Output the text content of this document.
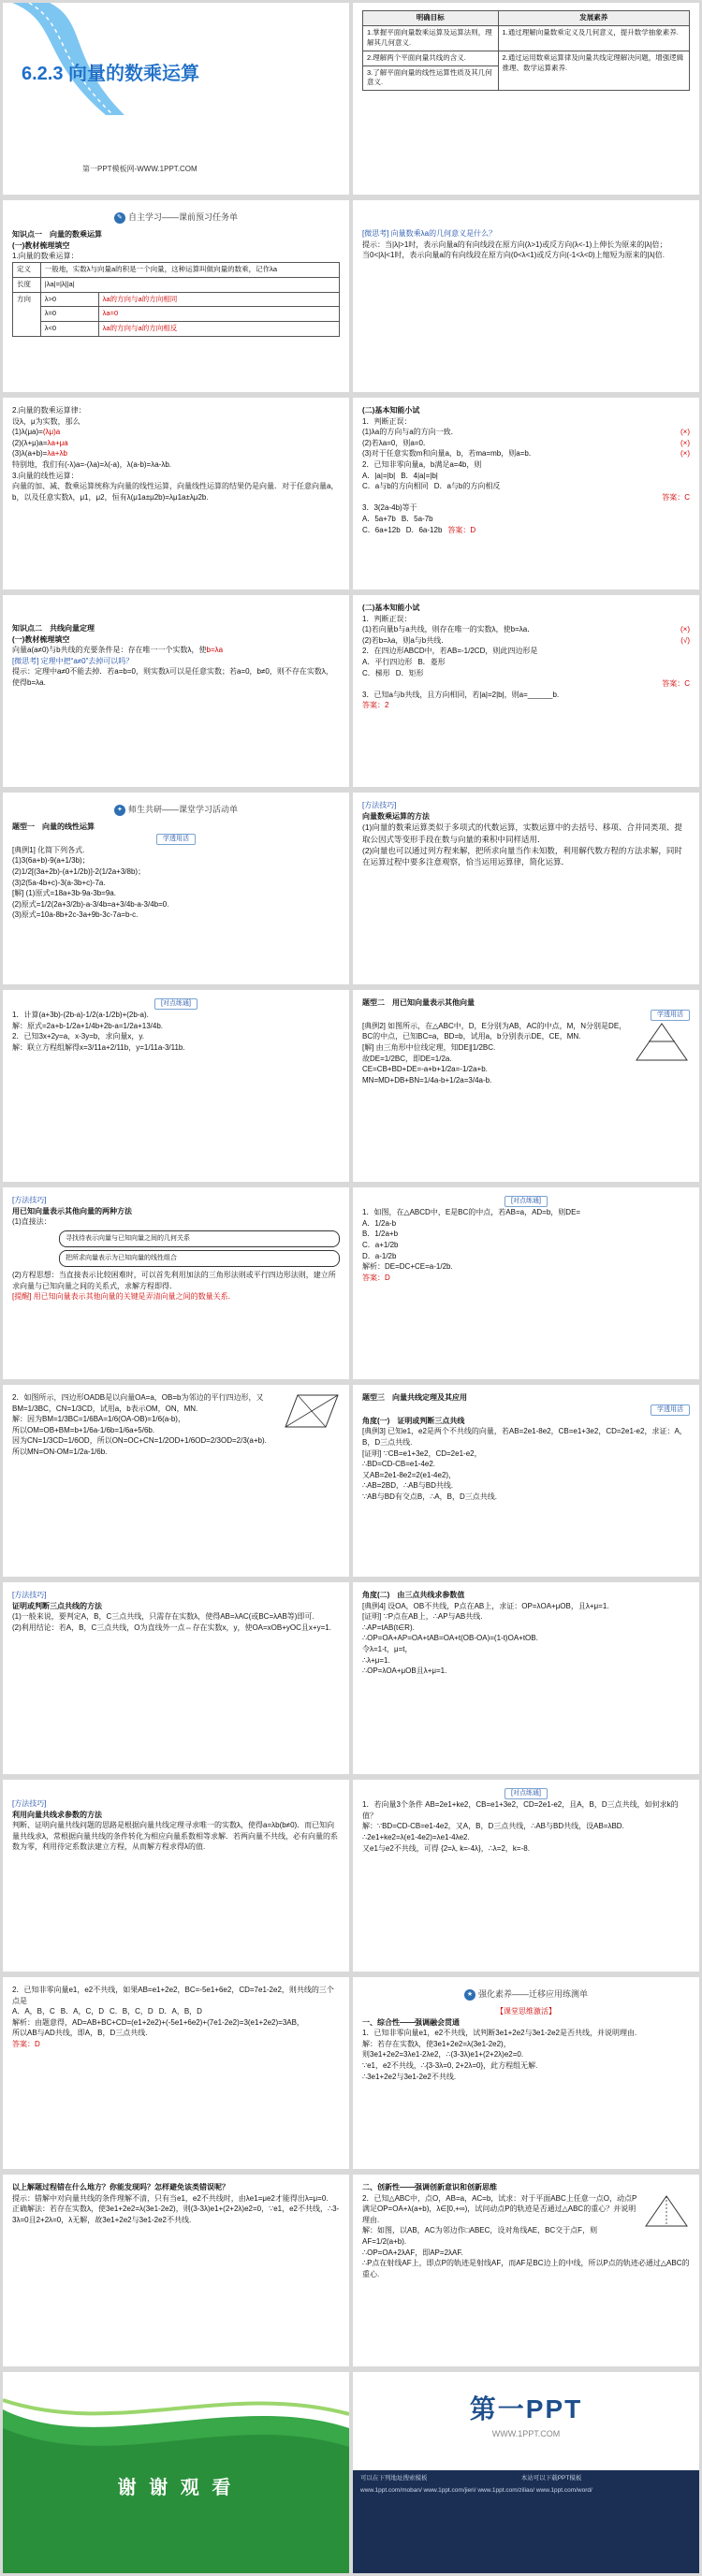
6.2.3 向量的数乘运算
第一PPT模板网-WWW.1PPT.COM
明确目标	发展素养
1.掌握平面向量数乘运算及运算法则，理解其几何意义.	1.通过理解向量数乘定义及几何意义，提升数学抽象素养.
2.理解两个平面向量共线的含义.	2.通过运用数乘运算律及向量共线定理解决问题，增强逻辑推理、数学运算素养.
3.了解平面向量的线性运算性质及其几何意义.	
✎ 自主学习——课前预习任务单
知识点一　向量的数乘运算
(一)教材梳理填空
1.向量的数乘运算：
定义	一般地，实数λ与向量a的积是一个向量，这种运算叫做向量的数乘，记作λa	
长度	|λa|=|λ||a|	
方向	λ>0	λa的方向与a的方向相同
	λ=0	λa=0
	λ<0	λa的方向与a的方向相反
[微思考] 向量数乘λa的几何意义是什么？
提示：当|λ|>1时，表示向量a的有向线段在原方向(λ>1)或反方向(λ<-1)上伸长为原来的|λ|倍；
当0<|λ|<1时，表示向量a的有向线段在原方向(0<λ<1)或反方向(-1<λ<0)上缩短为原来的|λ|倍.
2.向量的数乘运算律：
设λ，μ为实数，那么
(1)λ(μa)=(λμ)a
(2)(λ+μ)a=λa+μa
(3)λ(a+b)=λa+λb
特别地，我们有(-λ)a=-(λa)=λ(-a)，λ(a-b)=λa-λb.
3.向量的线性运算：
向量的加、减、数乘运算统称为向量的线性运算，向量线性运算的结果仍是向量．对于任意向量a，b，以及任意实数λ，μ1，μ2，恒有λ(μ1a±μ2b)=λμ1a±λμ2b.
(二)基本知能小试
1．判断正误：
(1)λa的方向与a的方向一致．	(×)
(2)若λa=0，则a=0．	(×)
(3)对于任意实数m和向量a，b，若ma=mb，则a=b．	(×)
2．已知非零向量a，b满足a=4b，则
A．|a|=|b| B．4|a|=|b|
C．a与b的方向相同 D．a与b的方向相反
答案：C
3．3(2a-4b)等于
A．5a+7b B．5a-7b
C．6a+12b D．6a-12b 答案：D
知识点二　共线向量定理
(一)教材梳理填空
向量a(a≠0)与b共线的充要条件是：存在唯一一个实数λ，使b=λa
[微思考] 定理中把“a≠0”去掉可以吗？
提示：定理中a≠0不能去掉．若a=b=0，则实数λ可以是任意实数；若a=0，b≠0，则不存在实数λ，使得b=λa.
(二)基本知能小试
1．判断正误：
(1)若向量b与a共线，则存在唯一的实数λ，使b=λa．	(×)
(2)若b=λa，则a与b共线．	(√)
2．在四边形ABCD中，若AB=-1/2CD，则此四边形是
A．平行四边形 B．菱形
C．梯形 D．矩形
答案：C
3．已知a与b共线，且方向相同，若|a|=2|b|，则a=______b.
答案：2
✦ 师生共研——课堂学习活动单
题型一　向量的线性运算
学透用活
[典例1] 化简下列各式.
(1)3(6a+b)-9(a+1/3b)；
(2)1/2[(3a+2b)-(a+1/2b)]-2(1/2a+3/8b)；
(3)2(5a-4b+c)-3(a-3b+c)-7a.
[解] (1)原式=18a+3b-9a-3b=9a.
(2)原式=1/2(2a+3/2b)-a-3/4b=a+3/4b-a-3/4b=0.
(3)原式=10a-8b+2c-3a+9b-3c-7a=b-c.
[方法技巧]
向量数乘运算的方法
(1)向量的数乘运算类似于多项式的代数运算，实数运算中的去括号、移项、合并同类项、提取公因式等变形手段在数与向量的乘积中同样适用．
(2)向量也可以通过列方程来解，把所求向量当作未知数，利用解代数方程的方法求解，同时在运算过程中要多注意观察，恰当运用运算律，简化运算．
[对点练通]
1．计算(a+3b)-(2b-a)-1/2(a-1/2b)+(2b-a).
解：原式=2a+b-1/2a+1/4b+2b-a=1/2a+13/4b.
2．已知3x+2y=a，x-3y=b，求向量x，y.
解：联立方程组解得x=3/11a+2/11b，y=1/11a-3/11b.
题型二　用已知向量表示其他向量
学透用活
[典例2] 如图所示，在△ABC中，D，E分别为AB，AC的中点，M，N分别是DE，BC的中点，已知BC=a，BD=b，试用a，b分别表示DE，CE，MN.
[解] 由三角形中位线定理，知DE∥1/2BC.
故DE=1/2BC，即DE=1/2a.
CE=CB+BD+DE=-a+b+1/2a=-1/2a+b.
MN=MD+DB+BN=1/4a-b+1/2a=3/4a-b.
[方法技巧]
用已知向量表示其他向量的两种方法
(1)直接法：
寻找待表示向量与已知向量之间的几何关系
把所求向量表示为已知向量的线性组合
(2)方程思想：当直接表示比较困难时，可以首先利用加法的三角形法则或平行四边形法则，建立所求向量与已知向量之间的关系式，求解方程即得．
[提醒] 用已知向量表示其他向量的关键是弄清向量之间的数量关系．
[对点练通]
1．如图，在△ABCD中，E是BC的中点，若AB=a，AD=b，则DE=
A．1/2a-b
B．1/2a+b
C．a+1/2b
D．a-1/2b
解析：DE=DC+CE=a-1/2b.
答案：D
2．如图所示，四边形OADB是以向量OA=a，OB=b为邻边的平行四边形，又BM=1/3BC，CN=1/3CD，试用a，b表示OM，ON，MN.
解：因为BM=1/3BC=1/6BA=1/6(OA-OB)=1/6(a-b)，
所以OM=OB+BM=b+1/6a-1/6b=1/6a+5/6b.
因为CN=1/3CD=1/6OD，所以ON=OC+CN=1/2OD+1/6OD=2/3OD=2/3(a+b).
所以MN=ON-OM=1/2a-1/6b.
题型三　向量共线定理及其应用
学透用活
角度(一)　证明或判断三点共线
[典例3] 已知e1，e2是两个不共线的向量，若AB=2e1-8e2，CB=e1+3e2，CD=2e1-e2，求证：A，B，D三点共线.
[证明] ∵CB=e1+3e2，CD=2e1-e2，
∴BD=CD-CB=e1-4e2.
又AB=2e1-8e2=2(e1-4e2)，
∴AB=2BD，∴AB与BD共线.
∵AB与BD有交点B，∴A，B，D三点共线.
[方法技巧]
证明或判断三点共线的方法
(1)一般来说，要判定A，B，C三点共线，只需存在实数λ，使得AB=λAC(或BC=λAB等)即可.
(2)利用结论：若A，B，C三点共线，O为直线外一点⇔存在实数x，y，使OA=xOB+yOC且x+y=1.
角度(二)　由三点共线求参数值
[典例4] 设OA，OB不共线，P点在AB上，求证：OP=λOA+μOB，且λ+μ=1.
[证明] ∵P点在AB上，∴AP与AB共线.
∴AP=tAB(t∈R).
∴OP=OA+AP=OA+tAB=OA+t(OB-OA)=(1-t)OA+tOB.
令λ=1-t，μ=t，
∴λ+μ=1.
∴OP=λOA+μOB且λ+μ=1.
[方法技巧]
利用向量共线求参数的方法
判断、证明向量共线问题的思路是根据向量共线定理寻求唯一的实数λ，使得a=λb(b≠0)．而已知向量共线求λ，常根据向量共线的条件转化为相应向量系数相等求解．若两向量不共线，必有向量的系数为零，利用待定系数法建立方程，从而解方程求得λ的值.
[对点练通]
1．若向量3个条件 AB=2e1+ke2，CB=e1+3e2，CD=2e1-e2，且A，B，D三点共线，如何求k的值？
解：∵BD=CD-CB=e1-4e2，又A，B，D三点共线，∴AB与BD共线，设AB=λBD.
∴2e1+ke2=λ(e1-4e2)=λe1-4λe2.
又e1与e2不共线，可得 {2=λ, k=-4λ}，∴λ=2，k=-8.
2．已知非零向量e1，e2不共线，如果AB=e1+2e2，BC=-5e1+6e2，CD=7e1-2e2，则共线的三个点是
A．A，B，C B．A，C，D C．B，C，D D．A，B，D
解析：由题意得，AD=AB+BC+CD=(e1+2e2)+(-5e1+6e2)+(7e1-2e2)=3(e1+2e2)=3AB，
所以AB与AD共线，即A，B，D三点共线.
答案：D
★ 强化素养——迁移应用练测单
【课堂思维激活】
一、综合性——强调融会贯通
1．已知非零向量e1，e2不共线，试判断3e1+2e2与3e1-2e2是否共线，并说明理由.
解：若存在实数λ，使3e1+2e2=λ(3e1-2e2)，
则3e1+2e2=3λe1-2λe2，∴(3-3λ)e1+(2+2λ)e2=0.
∵e1，e2不共线，∴{3-3λ=0, 2+2λ=0}，此方程组无解.
∴3e1+2e2与3e1-2e2不共线.
以上解题过程错在什么地方？你能发现吗？怎样避免该类错误呢？
提示：错解中对向量共线的条件理解不清，只有当e1，e2不共线时，由λe1=μe2才能得出λ=μ=0.
正确解法：若存在实数λ，使3e1+2e2=λ(3e1-2e2)，则(3-3λ)e1+(2+2λ)e2=0，∵e1，e2不共线，∴3-3λ=0且2+2λ=0，λ无解，故3e1+2e2与3e1-2e2不共线.
二、创新性——强调创新意识和创新思维
2．已知△ABC中，点O，AB=a，AC=b，试求：对于平面ABC上任意一点O，动点P满足OP=OA+λ(a+b)，λ∈[0,+∞)，试问动点P的轨迹是否通过△ABC的重心？并说明理由.
解：如图，以AB，AC为邻边作□ABEC，设对角线AE，BC交于点F，则AF=1/2(a+b).
∴OP=OA+2λAF，即AP=2λAF.
∴P点在射线AF上，即点P的轨迹是射线AF，而AF是BC边上的中线，所以P点的轨迹必通过△ABC的重心.
谢 谢 观 看
第一PPT
WWW.1PPT.COM
可以在下列地址搜索模板	本站可以下载PPT模板
www.1ppt.com/moban/ www.1ppt.com/jieri/ www.1ppt.com/ziliao/ www.1ppt.com/word/
